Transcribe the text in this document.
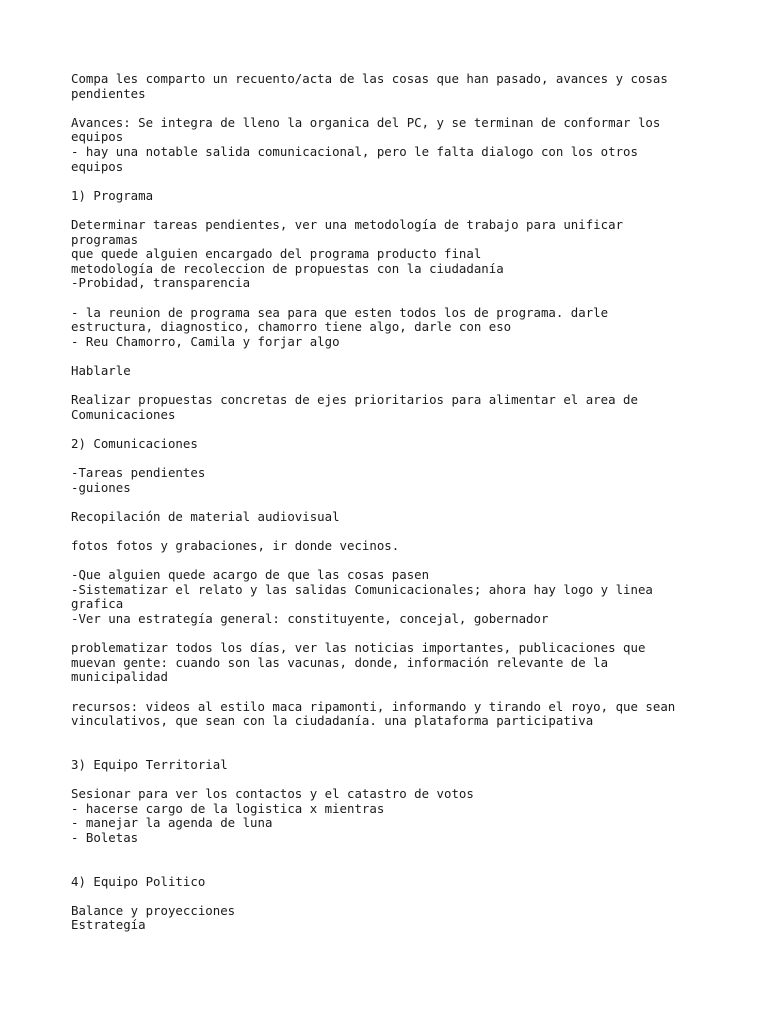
Compa les comparto un recuento/acta de las cosas que han pasado, avances y cosas
pendientes
Avances: Se integra de lleno la organica del PC, y se terminan de conformar los
equipos
- hay una notable salida comunicacional, pero le falta dialogo con los otros
equipos
1) Programa
Determinar tareas pendientes, ver una metodología de trabajo para unificar
programas
que quede alguien encargado del programa producto final
metodología de recoleccion de propuestas con la ciudadanía
-Probidad, transparencia
- la reunion de programa sea para que esten todos los de programa. darle
estructura, diagnostico, chamorro tiene algo, darle con eso
- Reu Chamorro, Camila y forjar algo
Hablarle
Realizar propuestas concretas de ejes prioritarios para alimentar el area de
Comunicaciones
2) Comunicaciones
-Tareas pendientes
-guiones
Recopilación de material audiovisual
fotos fotos y grabaciones, ir donde vecinos.
-Que alguien quede acargo de que las cosas pasen
-Sistematizar el relato y las salidas Comunicacionales; ahora hay logo y linea
grafica
-Ver una estrategía general: constituyente, concejal, gobernador
problematizar todos los días, ver las noticias importantes, publicaciones que
muevan gente: cuando son las vacunas, donde, información relevante de la
municipalidad
recursos: videos al estilo maca ripamonti, informando y tirando el royo, que sean
vinculativos, que sean con la ciudadanía. una plataforma participativa
3) Equipo Territorial
Sesionar para ver los contactos y el catastro de votos
- hacerse cargo de la logistica x mientras
- manejar la agenda de luna
- Boletas
4) Equipo Politico
Balance y proyecciones
Estrategía
